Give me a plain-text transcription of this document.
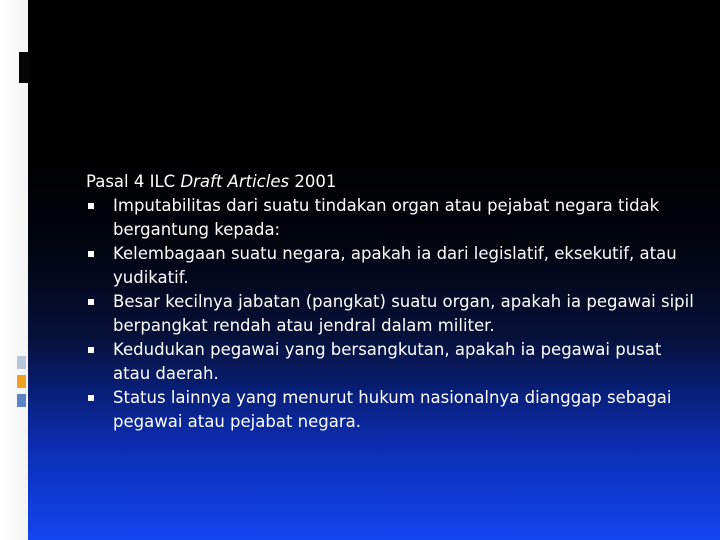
Pasal 4 ILC Draft Articles 2001

Imputabilitas dari suatu tindakan organ atau pejabat negara tidak bergantung kepada:
Kelembagaan suatu negara, apakah ia dari legislatif, eksekutif, atau yudikatif.
Besar kecilnya jabatan (pangkat) suatu organ, apakah ia pegawai sipil berpangkat rendah atau jendral dalam militer.
Kedudukan pegawai yang bersangkutan, apakah ia pegawai pusat atau daerah.
Status lainnya yang menurut hukum nasionalnya dianggap sebagai pegawai atau pejabat negara.
